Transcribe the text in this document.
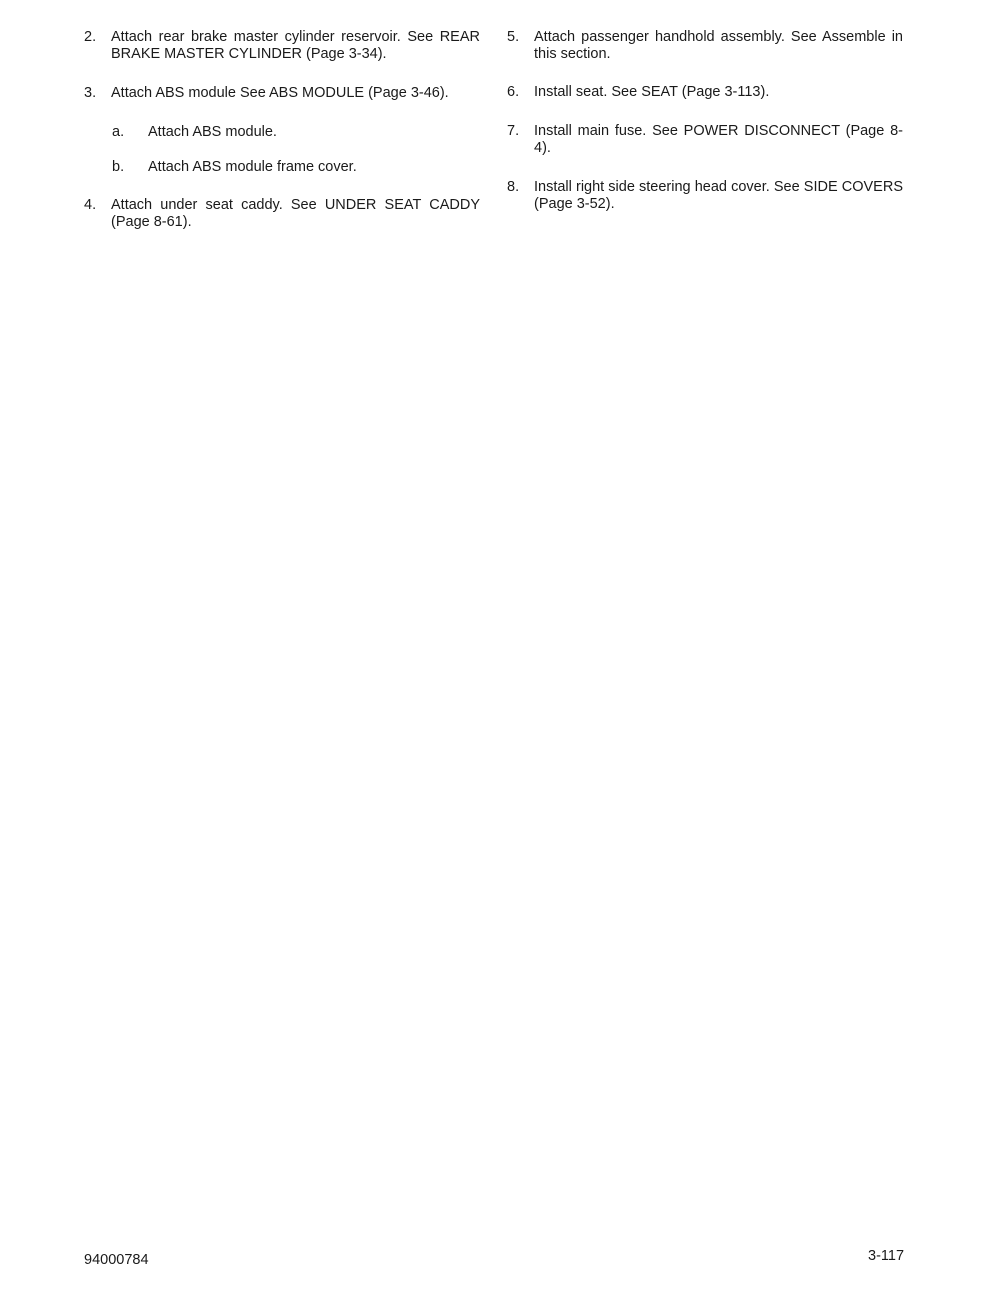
2. Attach rear brake master cylinder reservoir. See REAR BRAKE MASTER CYLINDER (Page 3-34).
3. Attach ABS module See ABS MODULE (Page 3-46).
a. Attach ABS module.
b. Attach ABS module frame cover.
4. Attach under seat caddy. See UNDER SEAT CADDY (Page 8-61).
5. Attach passenger handhold assembly. See Assemble in this section.
6. Install seat. See SEAT (Page 3-113).
7. Install main fuse. See POWER DISCONNECT (Page 8-4).
8. Install right side steering head cover. See SIDE COVERS (Page 3-52).
94000784	3-117
